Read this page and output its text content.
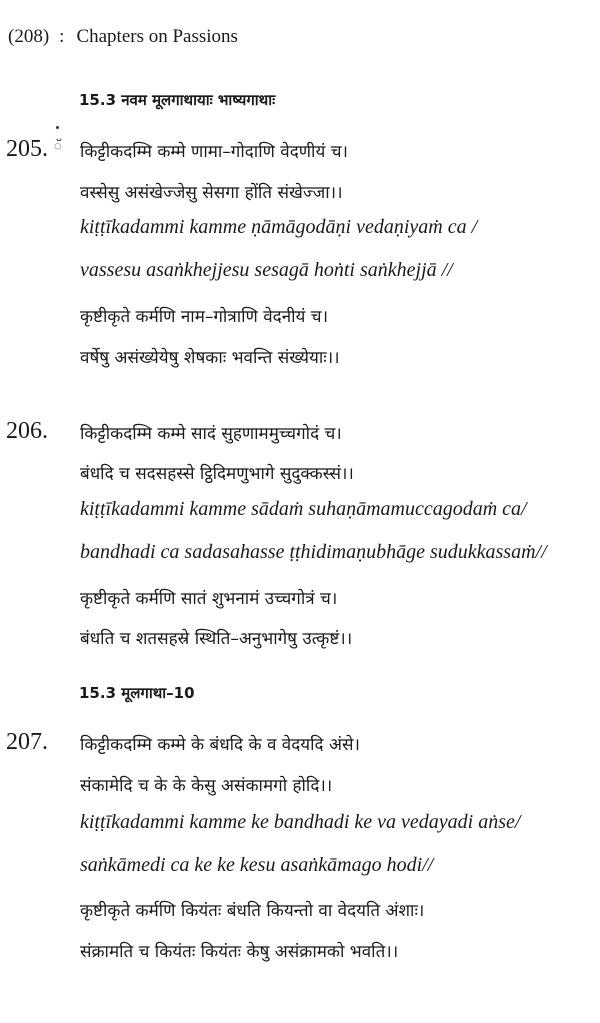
(208) : Chapters on Passions
15.3 नवम मूलगाथायाः भाष्यगाथाः
205. ॅ किट्टीकदम्मि कम्मे णामा–गोदाणि वेदणीयं च।
वस्सेसु असंखेज्जेसु सेसगा होंति संखेज्जा।।
kiṭṭīkadammi kamme ṇāmāgodāṇi vedaṇiyaṁ ca /
vassesu asaṅkhejjesu sesagā hoṅti saṅkhejjā //
कृष्टीकृते कर्मणि नाम–गोत्राणि वेदनीयं च।
वर्षेषु असंख्येयेषु शेषकाः भवन्ति संख्येयाः।।
206. किट्टीकदम्मि कम्मे सादं सुहणाममुच्चगोदं च।
बंधदि च सदसहस्से ट्ठिदिमणुभागे सुदुक्कस्सं।।
kiṭṭīkadammi kamme sādaṁ suhaṇāmamuccagodaṁ ca/
bandhadi ca sadasahasse ṭṭhidimaṇubhāge sudukkassaṁ//
कृष्टीकृते कर्मणि सातं शुभनामं उच्चगोत्रं च।
बंधति च शतसहस्रे स्थिति–अनुभागेषु उत्कृष्टं।।
15.3 मूलगाथा–10
207. किट्टीकदम्मि कम्मे के बंधदि के व वेदयदि अंसे।
संकामेदि च के के केसु असंकामगो होदि।।
kiṭṭīkadammi kamme ke bandhadi ke va vedayadi aṅse/
saṅkāmedi ca ke ke kesu asaṅkāmago hodi//
कृष्टीकृते कर्मणि कियंतः बंधति कियन्तो वा वेदयति अंशाः।
संक्रामति च कियंतः कियंतः केषु असंक्रामको भवति।।
